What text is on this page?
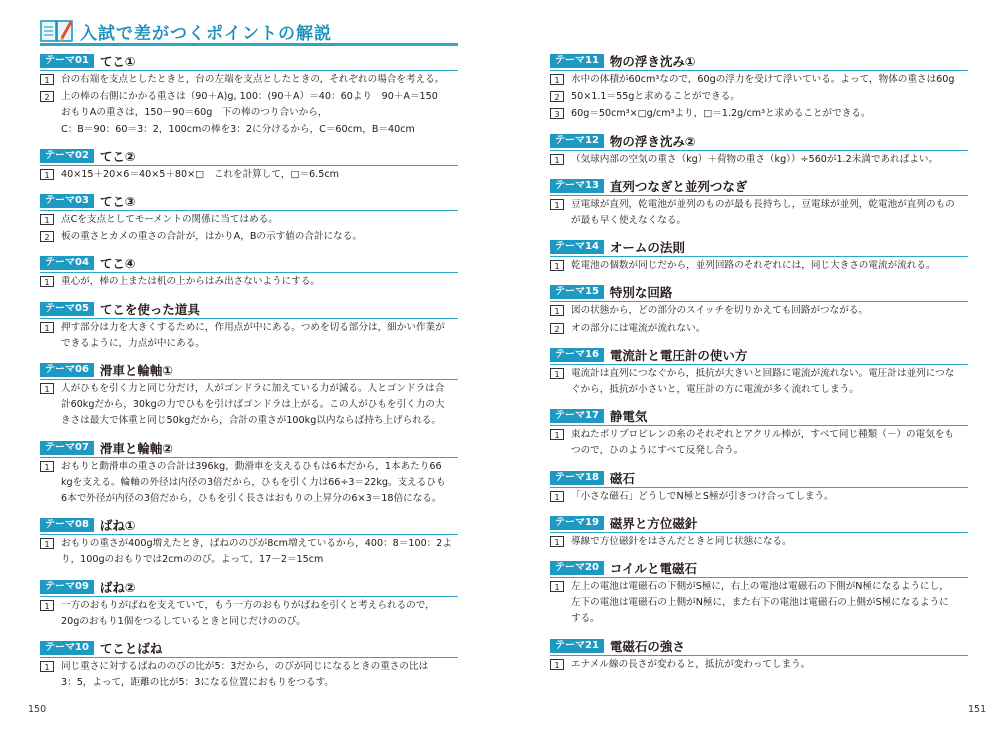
入試で差がつくポイントの解説
テーマ01 てこ①
1	台の右端を支点としたときと，台の左端を支点としたときの，それぞれの場合を考える。
2	上の棒の右側にかかる重さは（90＋A)g, 100：(90＋A）＝40：60より　90＋A＝150
おもりAの重さは，150－90＝60g　下の棒のつり合いから，
C：B＝90：60＝3：2，100cmの棒を3：2に分けるから，C＝60cm，B＝40cm
テーマ02 てこ②
1	40×15＋20×6＝40×5＋80×□　これを計算して，□＝6.5cm
テーマ03 てこ③
1	点Cを支点としてモーメントの関係に当てはめる。
2	板の重さとカメの重さの合計が，はかりA，Bの示す値の合計になる。
テーマ04 てこ④
1	重心が，棒の上または机の上からはみ出さないようにする。
テーマ05 てこを使った道具
1	押す部分は力を大きくするために，作用点が中にある。つめを切る部分は，細かい作業が
できるように，力点が中にある。
テーマ06 滑車と輪軸①
1	人がひもを引く力と同じ分だけ，人がゴンドラに加えている力が減る。人とゴンドラは合
計60kgだから，30kgの力でひもを引けばゴンドラは上がる。この人がひもを引く力の大
きさは最大で体重と同じ50kgだから，合計の重さが100kg以内ならば持ち上げられる。
テーマ07 滑車と輪軸②
1	おもりと動滑車の重さの合計は396kg，動滑車を支えるひもは6本だから，1本あたり66
kgを支える。輪軸の外径は内径の3倍だから，ひもを引く力は66÷3＝22kg。支えるひも
6本で外径が内径の3倍だから，ひもを引く長さはおもりの上昇分の6×3＝18倍になる。
テーマ08 ばね①
1	おもりの重さが400g増えたとき，ばねののびが8cm増えているから，400：8＝100：2よ
り，100gのおもりでは2cmののび。よって，17－2＝15cm
テーマ09 ばね②
1	一方のおもりがばねを支えていて，もう一方のおもりがばねを引くと考えられるので，
20gのおもり1個をつるしているときと同じだけののび。
テーマ10 てことばね
1	同じ重さに対するばねののびの比が5：3だから，のびが同じになるときの重さの比は
3：5，よって，距離の比が5：3になる位置におもりをつるす。
150
テーマ11 物の浮き沈み①
1	水中の体積が60cm³なので，60gの浮力を受けて浮いている。よって，物体の重さは60g
2	50×1.1＝55gと求めることができる。
3	60g＝50cm³×□g/cm³より，□＝1.2g/cm³と求めることができる。
テーマ12 物の浮き沈み②
1	（気球内部の空気の重さ（kg）＋荷物の重さ（kg））÷560が1.2未満であればよい。
テーマ13 直列つなぎと並列つなぎ
1	豆電球が直列，乾電池が並列のものが最も長持ちし，豆電球が並列，乾電池が直列のもの
が最も早く使えなくなる。
テーマ14 オームの法則
1	乾電池の個数が同じだから，並列回路のそれぞれには，同じ大きさの電流が流れる。
テーマ15 特別な回路
1	図の状態から，どの部分のスイッチを切りかえても回路がつながる。
2	オの部分には電流が流れない。
テーマ16 電流計と電圧計の使い方
1	電流計は直列につなぐから，抵抗が大きいと回路に電流が流れない。電圧計は並列につな
ぐから，抵抗が小さいと，電圧計の方に電流が多く流れてしまう。
テーマ17 静電気
1	束ねたポリプロピレンの糸のそれぞれとアクリル棒が，すべて同じ種類（－）の電気をも
つので，ひのようにすべて反発し合う。
テーマ18 磁石
1	「小さな磁石」どうしでN極とS極が引きつけ合ってしまう。
テーマ19 磁界と方位磁針
1	導線で方位磁針をはさんだときと同じ状態になる。
テーマ20 コイルと電磁石
1	左上の電池は電磁石の下側がS極に，右上の電池は電磁石の下側がN極になるようにし，
左下の電池は電磁石の上側がN極に，また右下の電池は電磁石の上側がS極になるように
する。
テーマ21 電磁石の強さ
1	エナメル線の長さが変わると，抵抗が変わってしまう。
151
